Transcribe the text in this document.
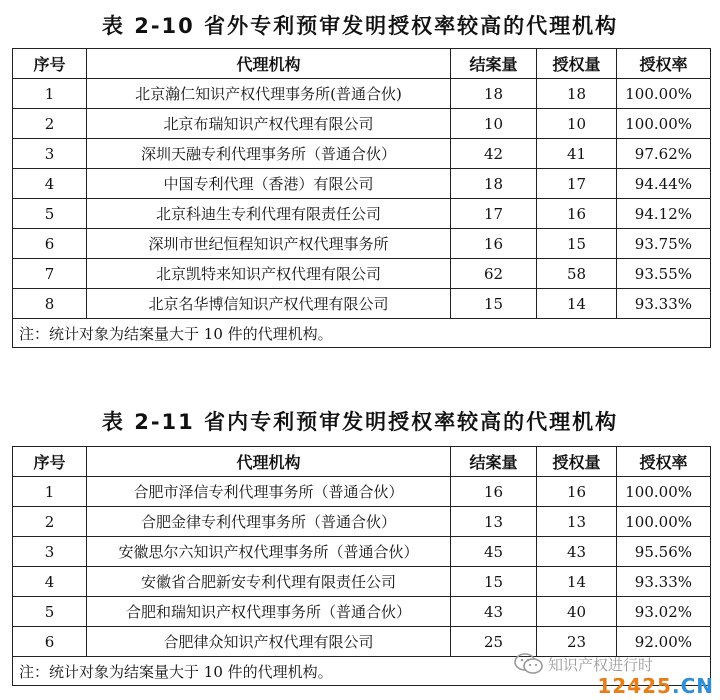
表 2-10 省外专利预审发明授权率较高的代理机构
序号	代理机构	结案量	授权量	授权率
1	北京瀚仁知识产权代理事务所(普通合伙)	18	18	100.00%
2	北京布瑞知识产权代理有限公司	10	10	100.00%
3	深圳天融专利代理事务所（普通合伙）	42	41	97.62%
4	中国专利代理（香港）有限公司	18	17	94.44%
5	北京科迪生专利代理有限责任公司	17	16	94.12%
6	深圳市世纪恒程知识产权代理事务所	16	15	93.75%
7	北京凯特来知识产权代理有限公司	62	58	93.55%
8	北京名华博信知识产权代理有限公司	15	14	93.33%
注：统计对象为结案量大于 10 件的代理机构。				
表 2-11 省内专利预审发明授权率较高的代理机构
序号	代理机构	结案量	授权量	授权率
1	合肥市泽信专利代理事务所（普通合伙）	16	16	100.00%
2	合肥金律专利代理事务所（普通合伙）	13	13	100.00%
3	安徽思尔六知识产权代理事务所（普通合伙）	45	43	95.56%
4	安徽省合肥新安专利代理有限责任公司	15	14	93.33%
5	合肥和瑞知识产权代理事务所（普通合伙）	43	40	93.02%
6	合肥律众知识产权代理有限公司	25	23	92.00%
注：统计对象为结案量大于 10 件的代理机构。					知识产权进行时
12425.CN
